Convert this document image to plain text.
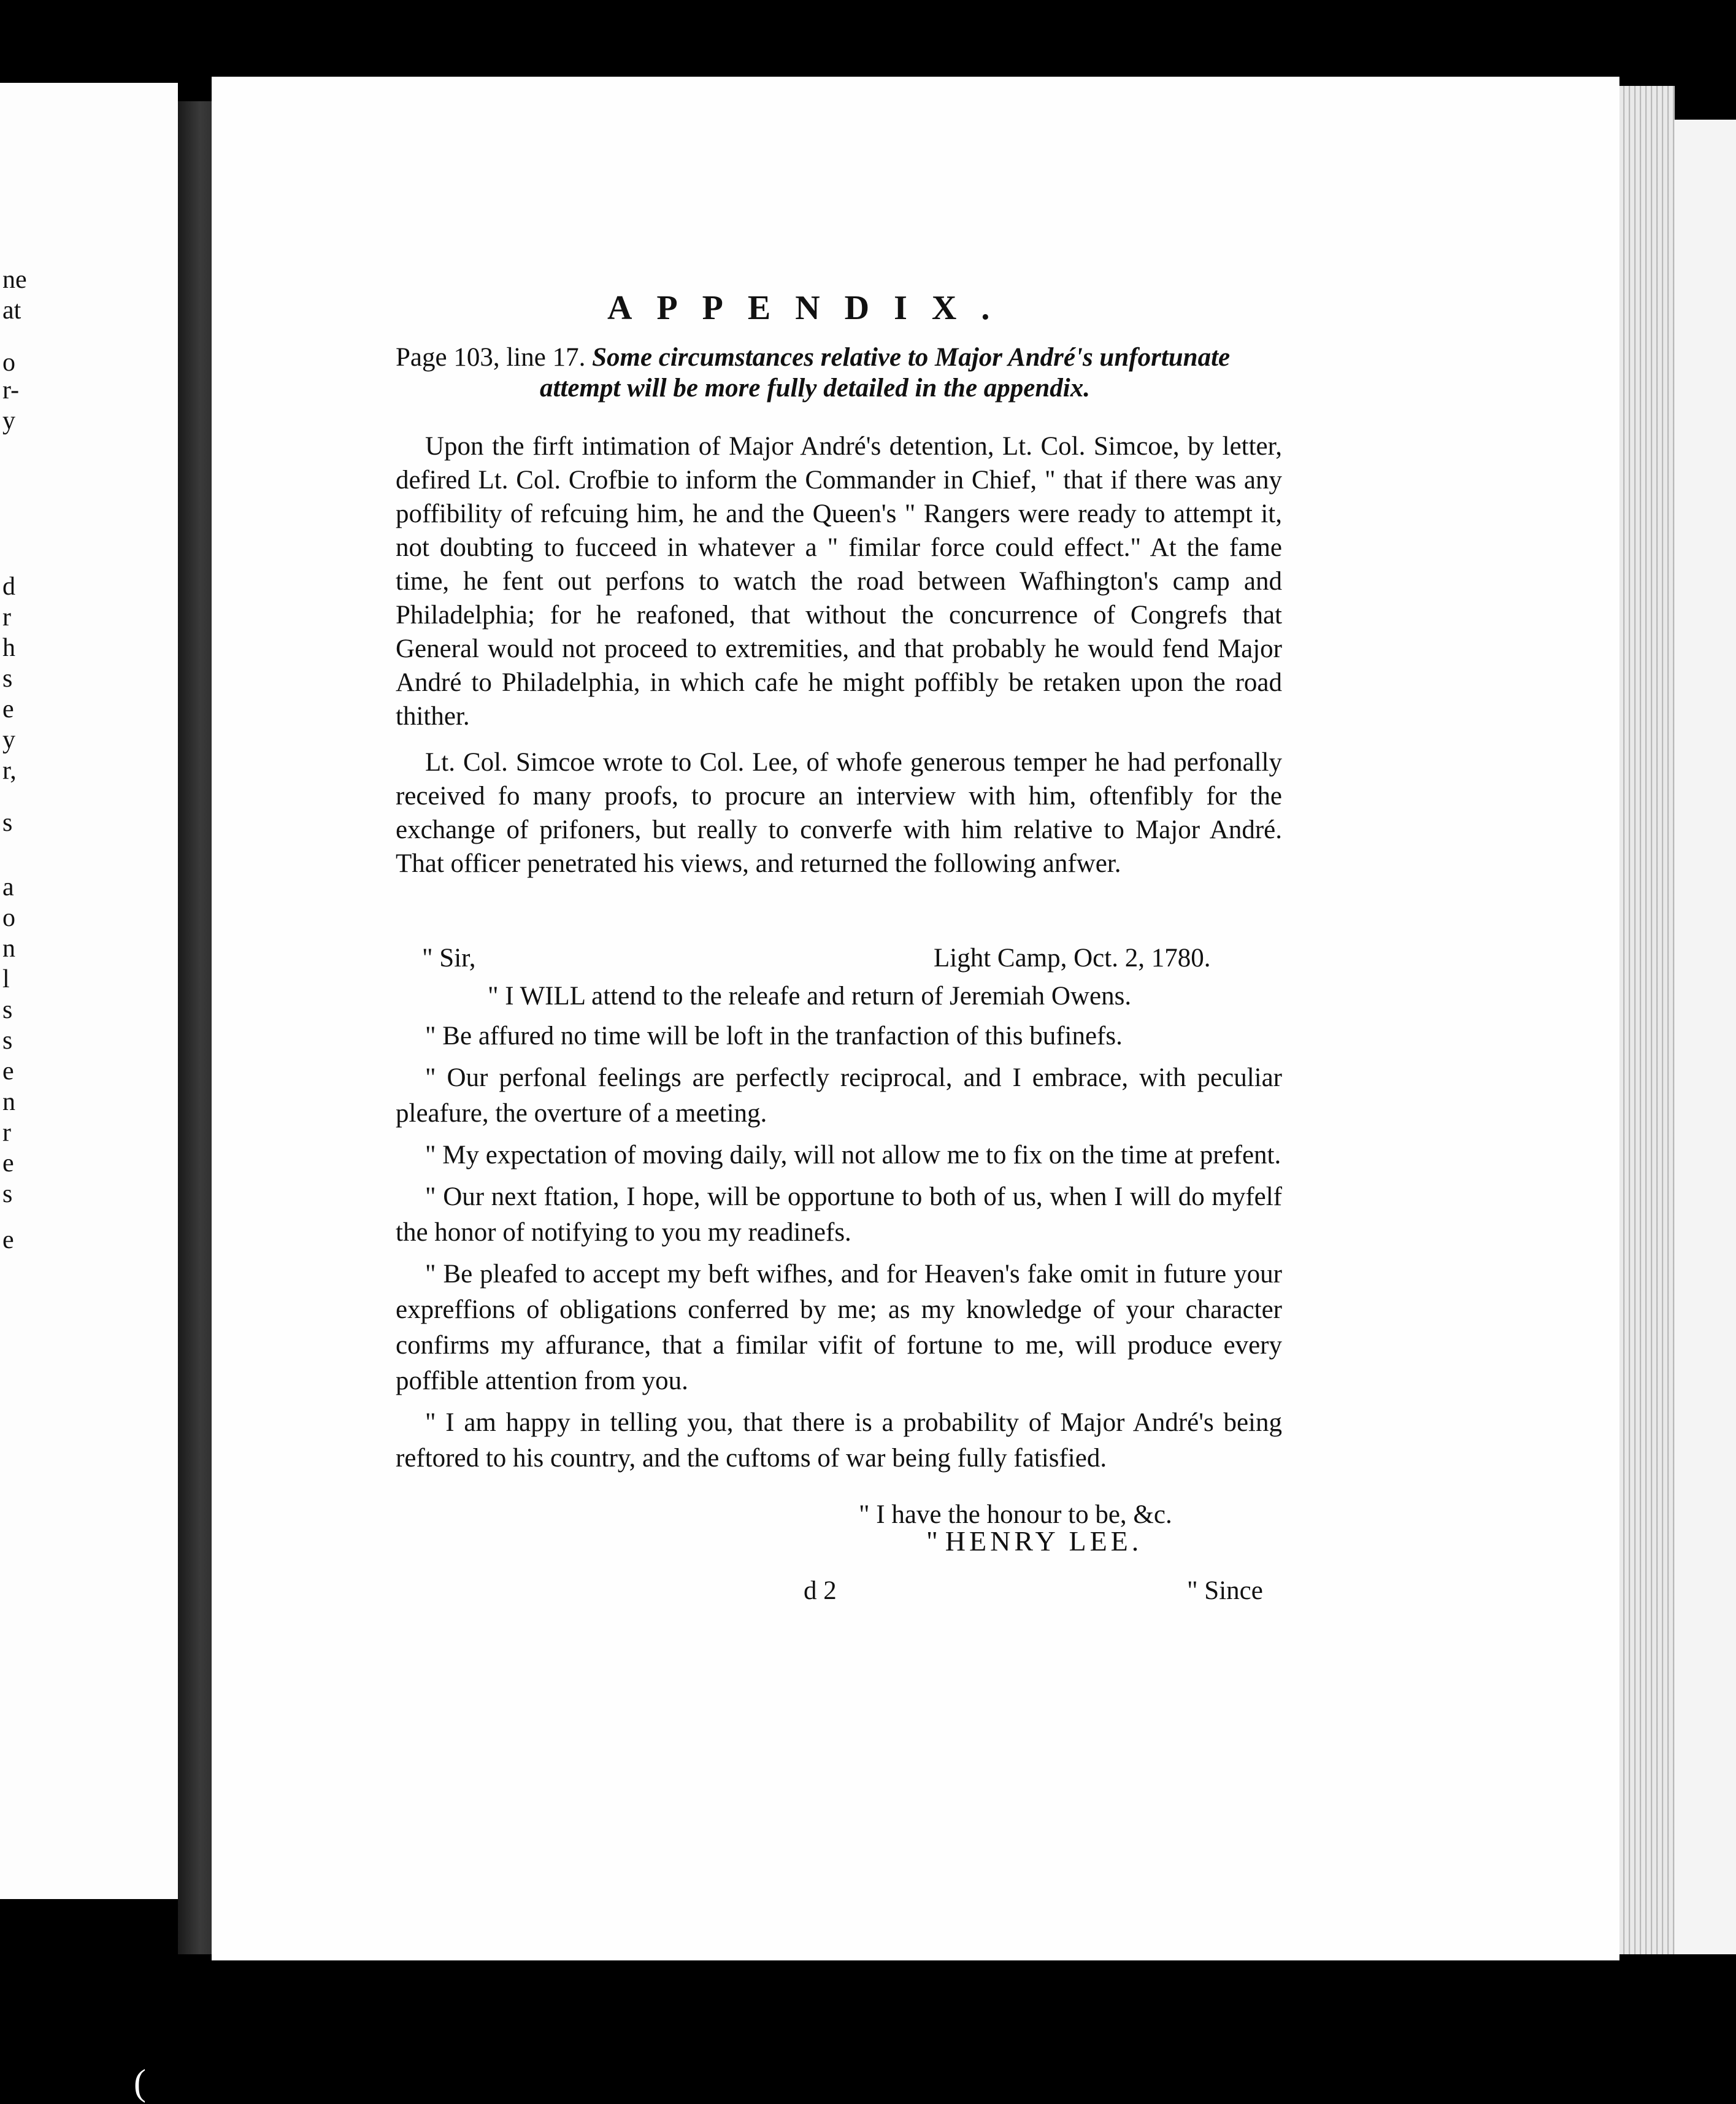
ne
at
o
r-
y
d
r
h
s
e
y
r,
s
a
o
n
l
s
s
e
n
r
e
s
e
APPENDIX.
Page 103, line 17. Some circumstances relative to Major André's unfortunate
attempt will be more fully detailed in the appendix.

Upon the firft intimation of Major André's detention, Lt. Col. Simcoe, by letter, defired Lt. Col. Crofbie to inform the Commander in Chief, " that if there was any poffibility of refcuing him, he and the Queen's " Rangers were ready to attempt it, not doubting to fucceed in whatever a " fimilar force could effect." At the fame time, he fent out perfons to watch the road between Wafhington's camp and Philadelphia; for he reafoned, that without the concurrence of Congrefs that General would not proceed to extremities, and that probably he would fend Major André to Philadelphia, in which cafe he might poffibly be retaken upon the road thither.

Lt. Col. Simcoe wrote to Col. Lee, of whofe generous temper he had perfonally received fo many proofs, to procure an interview with him, oftenfibly for the exchange of prifoners, but really to converfe with him relative to Major André. That officer penetrated his views, and returned the following anfwer.

" Sir,	Light Camp, Oct. 2, 1780.
" I WILL attend to the releafe and return of Jeremiah Owens.

" Be affured no time will be loft in the tranfaction of this bufinefs.

" Our perfonal feelings are perfectly reciprocal, and I embrace, with peculiar pleafure, the overture of a meeting.

" My expectation of moving daily, will not allow me to fix on the time at prefent.

" Our next ftation, I hope, will be opportune to both of us, when I will do myfelf the honor of notifying to you my readinefs.

" Be pleafed to accept my beft wifhes, and for Heaven's fake omit in future your expreffions of obligations conferred by me; as my knowledge of your character confirms my affurance, that a fimilar vifit of fortune to me, will produce every poffible attention from you.

" I am happy in telling you, that there is a probability of Major André's being reftored to his country, and the cuftoms of war being fully fatisfied.

" I have the honour to be, &c.
" HENRY LEE.
d 2	" Since
(
